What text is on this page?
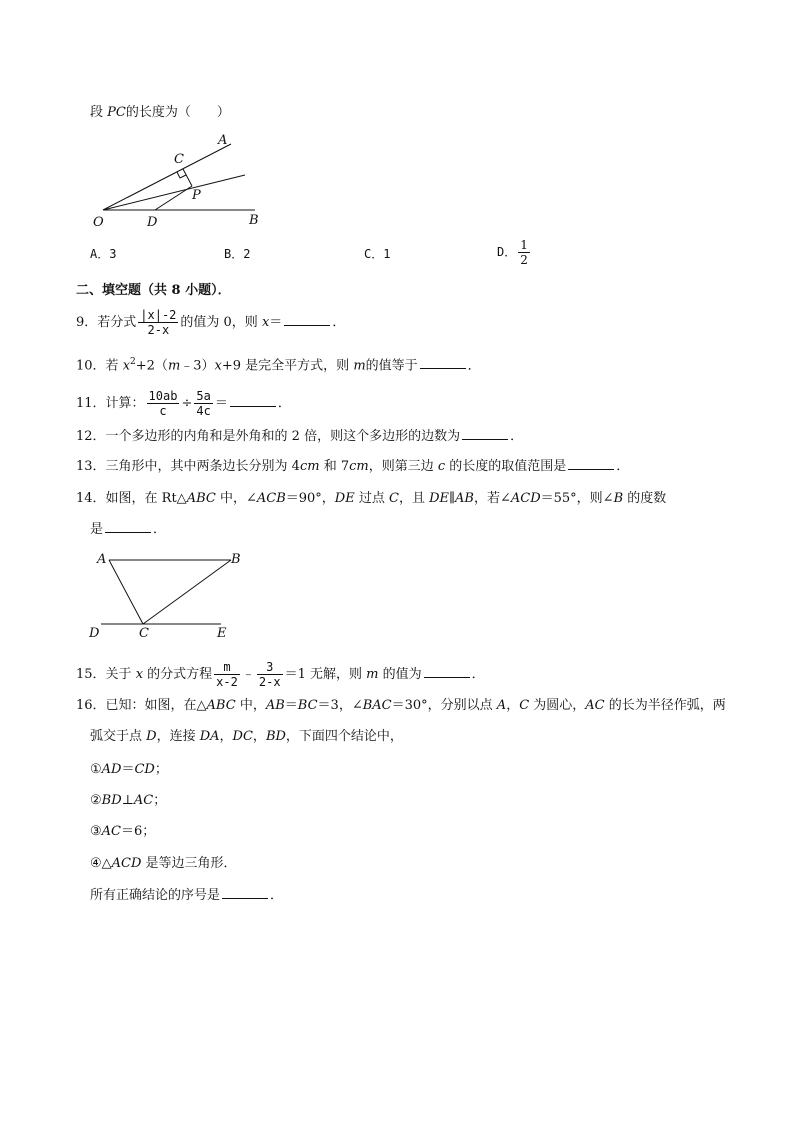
段 PC的长度为（　　）
A
C
P
O	D	B
A．3	B．2	C．1	D． $\frac{1}{2}$
二、填空题（共 8 小题）．
9．若分式 $\frac{|x|-2}{2-x}$ 的值为 0，则 x＝	．
10．若 $x^2+2(m﹣3)x+9$ 是完全平方式，则 m的值等于	．
11．计算： $\frac{10ab}{c} \div \frac{5a}{4c}$ ＝	．
12．一个多边形的内角和是外角和的 2 倍，则这个多边形的边数为	．
13．三角形中，其中两条边长分别为 4cm 和 7cm，则第三边 c 的长度的取值范围是	．
14．如图，在 Rt△ABC 中，∠ACB＝90°，DE 过点 C，且 DE∥AB，若∠ACD＝55°，则∠B 的度数
是	．
A	B
D	C	E
15．关于 x 的分式方程 $\frac{m}{x-2}$ ﹣ $\frac{3}{2-x} =1$ 无解，则 m 的值为	．
16．已知：如图，在△ABC 中，AB＝BC＝3，∠BAC＝30°，分别以点 A，C 为圆心，AC 的长为半径作弧，两
弧交于点 D，连接 DA，DC，BD，下面四个结论中，
①AD＝CD；
②BD⊥AC；
③AC＝6；
④△ACD 是等边三角形．
所有正确结论的序号是	．
